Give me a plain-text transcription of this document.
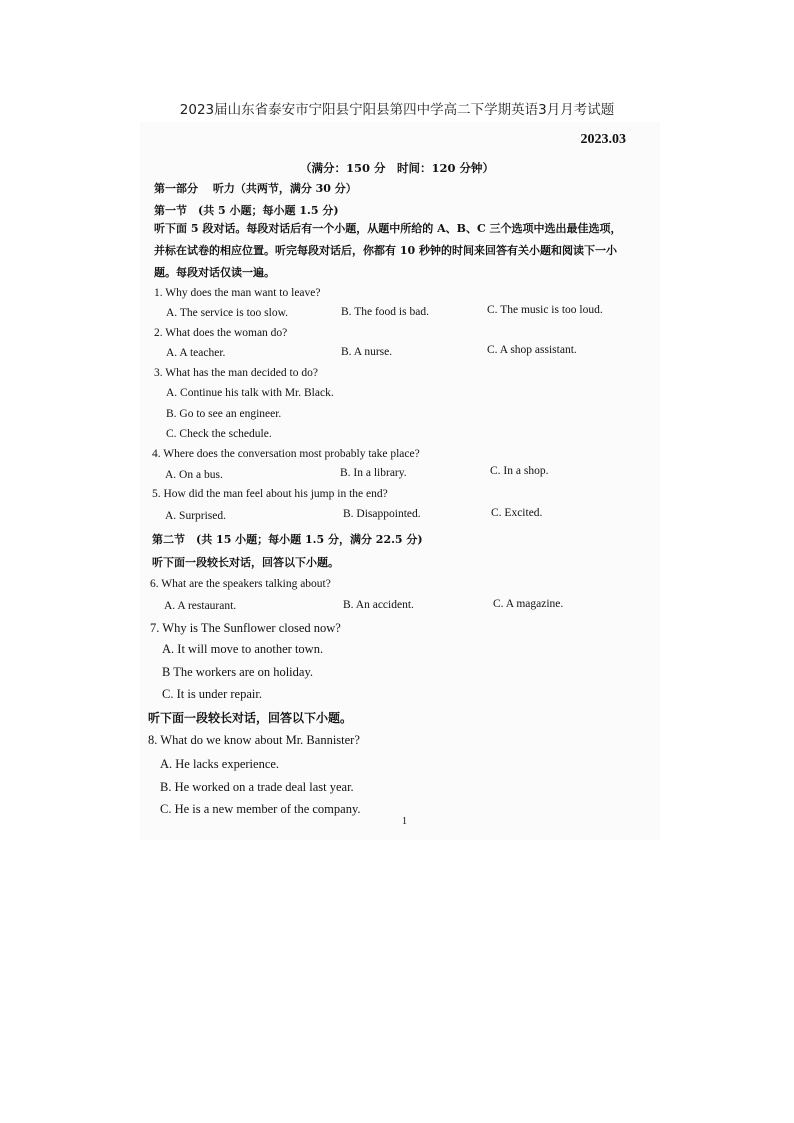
2023届山东省泰安市宁阳县宁阳县第四中学高二下学期英语3月月考试题
2023.03
（满分：150 分　时间：120 分钟）
第一部分　 听力（共两节，满分 30 分）
第一节　(共 5 小题；每小题 1.5 分)
听下面 5 段对话。每段对话后有一个小题，从题中所给的 A、B、C 三个选项中选出最佳选项，
并标在试卷的相应位置。听完每段对话后，你都有 10 秒钟的时间来回答有关小题和阅读下一小
题。每段对话仅读一遍。
1. Why does the man want to leave?
A. The service is too slow.	B. The food is bad.	C. The music is too loud.
2. What does the woman do?
A. A teacher.	B. A nurse.	C. A shop assistant.
3. What has the man decided to do?
A. Continue his talk with Mr. Black.
B. Go to see an engineer.
C. Check the schedule.
4. Where does the conversation most probably take place?
A. On a bus.	B. In a library.	C. In a shop.
5. How did the man feel about his jump in the end?
A. Surprised.	B. Disappointed.	C. Excited.
第二节　(共 15 小题；每小题 1.5 分，满分 22.5 分)
听下面一段较长对话，回答以下小题。
6. What are the speakers talking about?
A. A restaurant.	B. An accident.	C. A magazine.
7. Why is The Sunflower closed now?
A. It will move to another town.
B The workers are on holiday.
C. It is under repair.
听下面一段较长对话，回答以下小题。
8. What do we know about Mr. Bannister?
A. He lacks experience.
B. He worked on a trade deal last year.
C. He is a new member of the company.
1
